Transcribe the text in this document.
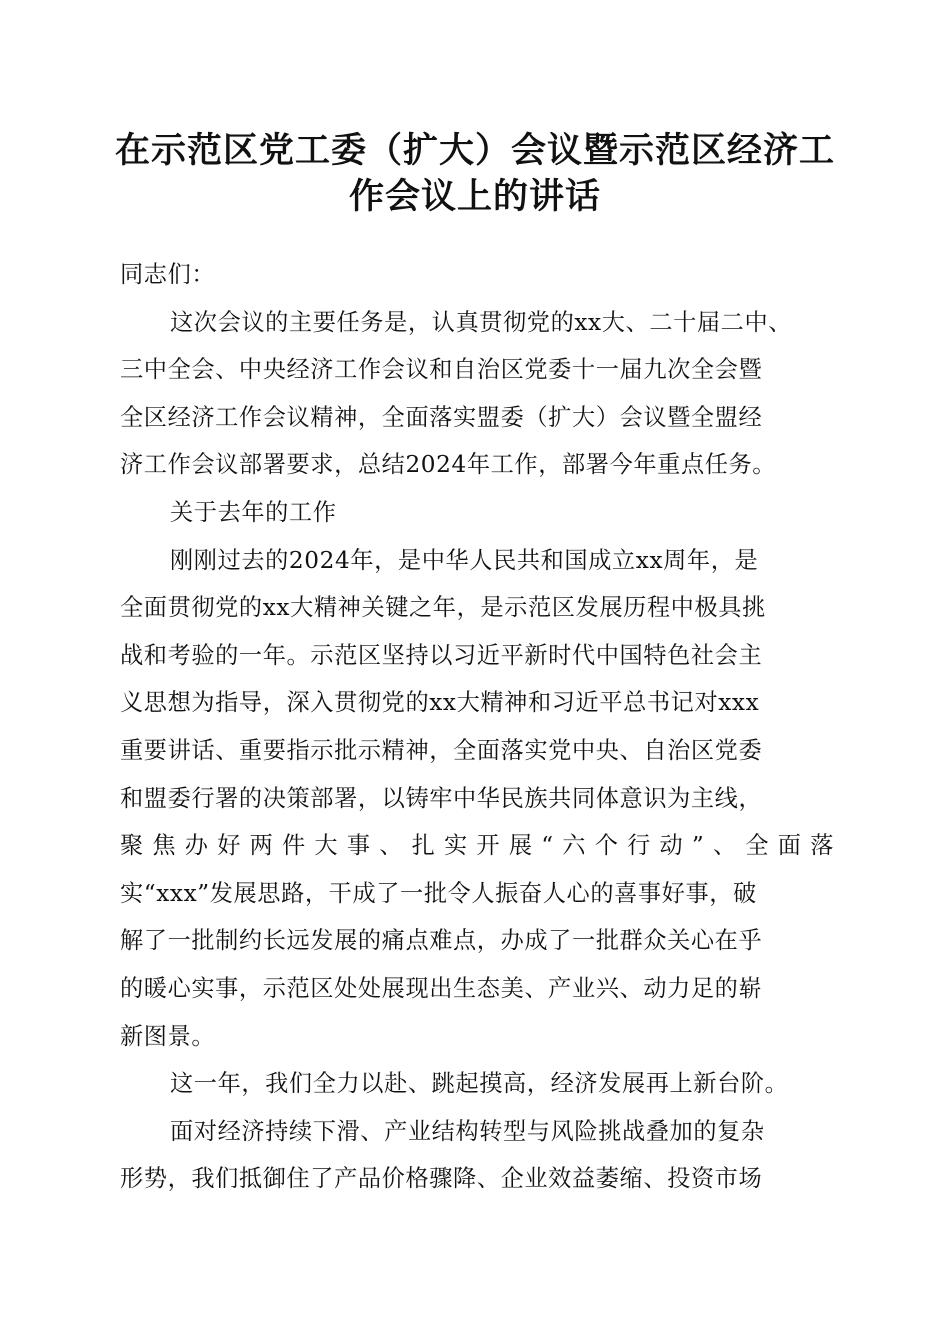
在示范区党工委（扩大）会议暨示范区经济工
作会议上的讲话
同志们：
这次会议的主要任务是，认真贯彻党的xx大、二十届二中、
三中全会、中央经济工作会议和自治区党委十一届九次全会暨
全区经济工作会议精神，全面落实盟委（扩大）会议暨全盟经
济工作会议部署要求，总结2024年工作，部署今年重点任务。
关于去年的工作
刚刚过去的2024年，是中华人民共和国成立xx周年，是
全面贯彻党的xx大精神关键之年，是示范区发展历程中极具挑
战和考验的一年。示范区坚持以习近平新时代中国特色社会主
义思想为指导，深入贯彻党的xx大精神和习近平总书记对xxx
重要讲话、重要指示批示精神，全面落实党中央、自治区党委
和盟委行署的决策部署，以铸牢中华民族共同体意识为主线，
聚焦办好两件大事、扎实开展“六个行动”、全面落
实“xxx”发展思路，干成了一批令人振奋人心的喜事好事，破
解了一批制约长远发展的痛点难点，办成了一批群众关心在乎
的暖心实事，示范区处处展现出生态美、产业兴、动力足的崭
新图景。
这一年，我们全力以赴、跳起摸高，经济发展再上新台阶。
面对经济持续下滑、产业结构转型与风险挑战叠加的复杂
形势，我们抵御住了产品价格骤降、企业效益萎缩、投资市场
